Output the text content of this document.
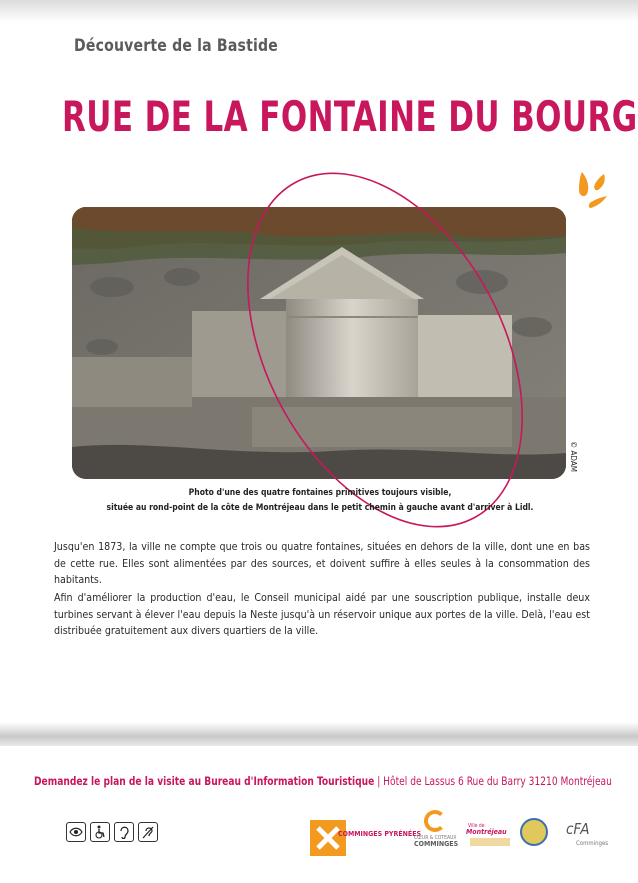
Découverte de la Bastide
RUE DE LA FONTAINE DU BOURG
© ADAM
Photo d'une des quatre fontaines primitives toujours visible,
située au rond-point de la côte de Montréjeau dans le petit chemin à gauche avant d'arriver à Lidl.
Jusqu'en 1873, la ville ne compte que trois ou quatre fontaines, situées en dehors de la ville, dont une en bas de cette rue. Elles sont alimentées par des sources, et doivent suffire à elles seules à la consommation des habitants.
Afin d'améliorer la production d'eau, le Conseil municipal aidé par une souscription publique, installe deux turbines servant à élever l'eau depuis la Neste jusqu'à un réservoir unique aux portes de la ville. Delà, l'eau est distribuée gratuitement aux divers quartiers de la ville.
Demandez le plan de la visite au Bureau d'Information Touristique | Hôtel de Lassus 6 Rue du Barry 31210 Montréjeau
COMMINGES PYRÉNÉES
CŒUR & COTEAUX
COMMINGES
Ville de
Montréjeau	cFA
Comminges
